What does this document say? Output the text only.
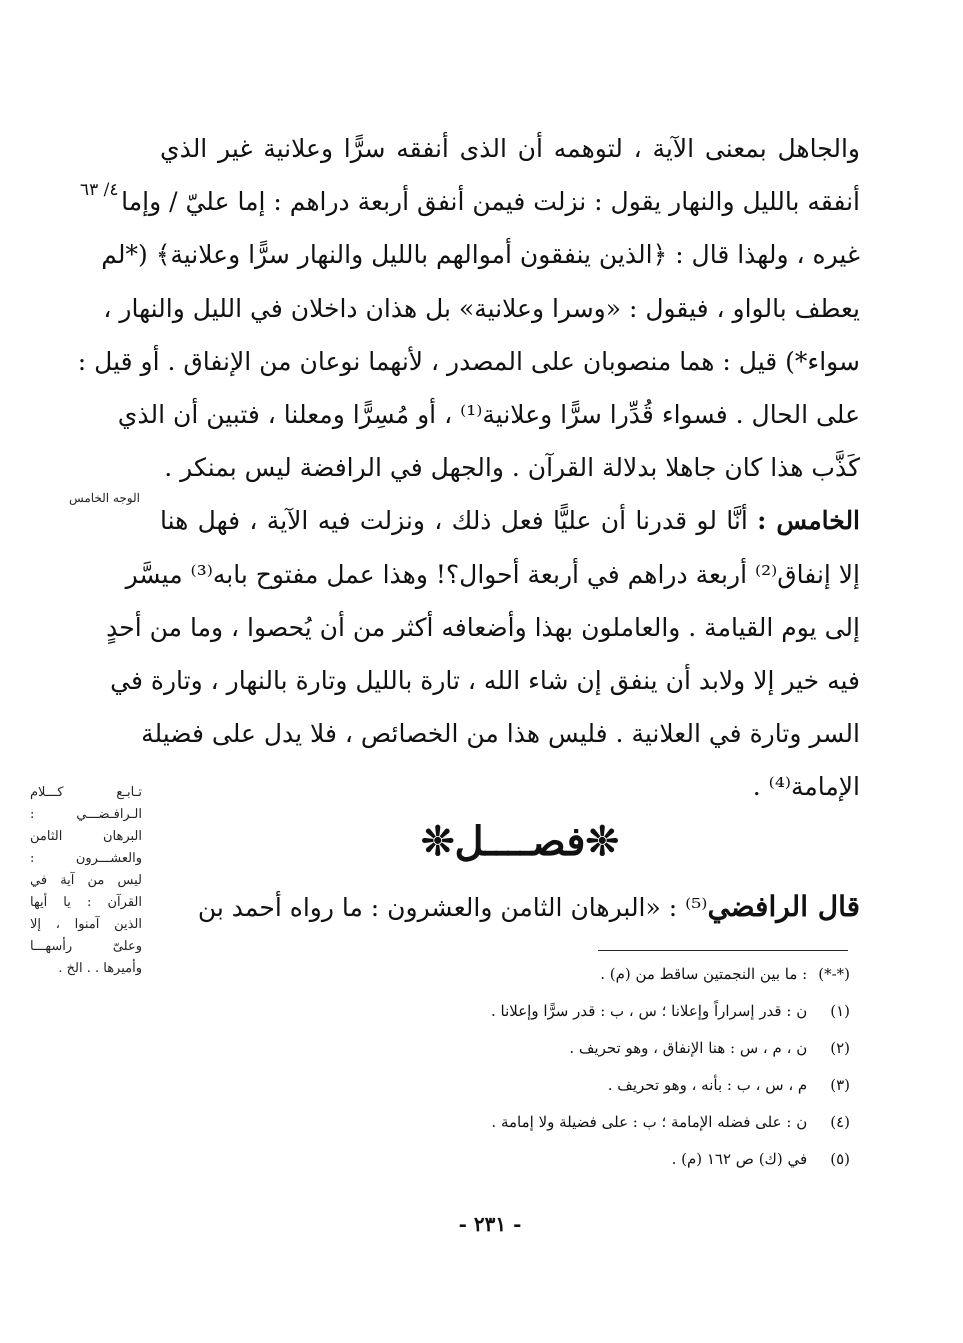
٤/ ٦٣
والجاهل بمعنى الآية ، لتوهمه أن الذى أنفقه سرًّا وعلانية غير الذي
أنفقه بالليل والنهار يقول : نزلت فيمن أنفق أربعة دراهم : إما عليّ / وإما
غيره ، ولهذا قال : ﴿الذين ينفقون أموالهم بالليل والنهار سرًّا وعلانية﴾ (*لم
يعطف بالواو ، فيقول : «وسرا وعلانية» بل هذان داخلان في الليل والنهار ،
سواء*) قيل : هما منصوبان على المصدر ، لأنهما نوعان من الإنفاق . أو قيل :
على الحال . فسواء قُدِّرا سرًّا وعلانية⁽¹⁾ ، أو مُسِرًّا ومعلنا ، فتبين أن الذي
كَذَّب هذا كان جاهلا بدلالة القرآن . والجهل في الرافضة ليس بمنكر .
الخامس : أنَّا لو قدرنا أن عليًّا فعل ذلك ، ونزلت فيه الآية ، فهل هنا
إلا إنفاق⁽²⁾ أربعة دراهم في أربعة أحوال؟! وهذا عمل مفتوح بابه⁽³⁾ ميسَّر
إلى يوم القيامة . والعاملون بهذا وأضعافه أكثر من أن يُحصوا ، وما من أحدٍ
فيه خير إلا ولابد أن ينفق إن شاء الله ، تارة بالليل وتارة بالنهار ، وتارة في
السر وتارة في العلانية . فليس هذا من الخصائص ، فلا يدل على فضيلة
الإمامة⁽⁴⁾ .
الوجه الخامس
تـابـع كـــلام
الـرافـضـــي :
البرهان الثامن
والعشـــرون :
ليس من آية في
القرآن : يا أيها
الذين آمنوا ، إلا
وعلىّ رأسهـــا
وأميرها . . الخ .
❊فصــــل❊
قال الرافضي⁽⁵⁾ : «البرهان الثامن والعشرون : ما رواه أحمد بن
(*-*) : ما بين النجمتين ساقط من (م) .
(١) ن : قدر إسراراً وإعلانا ؛ س ، ب : قدر سرًّا وإعلانا .
(٢) ن ، م ، س : هنا الإنفاق ، وهو تحريف .
(٣) م ، س ، ب : بأنه ، وهو تحريف .
(٤) ن : على فضله الإمامة ؛ ب : على فضيلة ولا إمامة .
(٥) في (ك) ص ١٦٢ (م) .
- ٢٣١ -
